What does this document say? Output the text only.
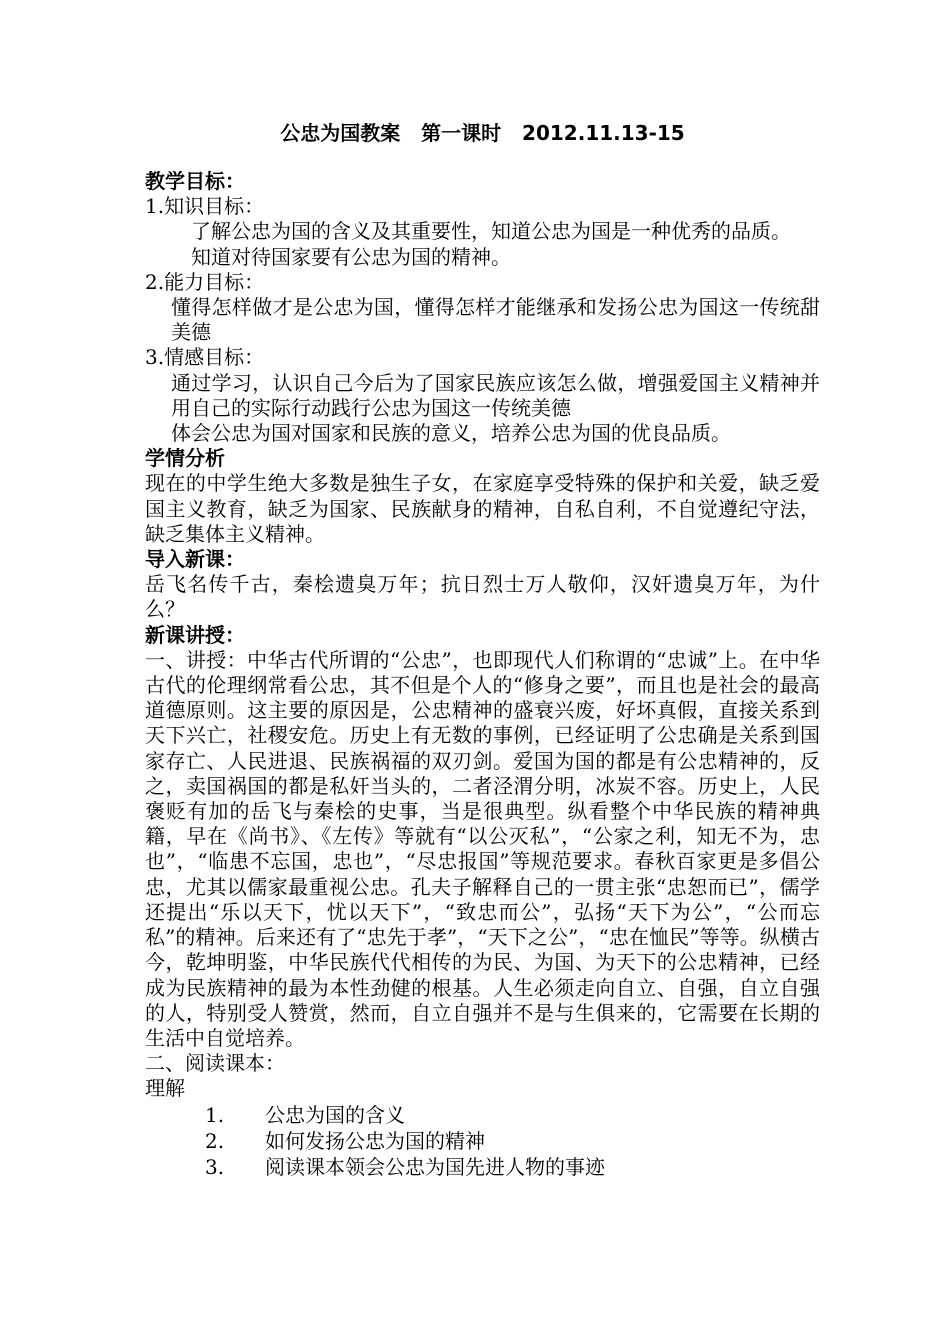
公忠为国教案   第一课时   2012.11.13-15
教学目标：
1.知识目标：
了解公忠为国的含义及其重要性，知道公忠为国是一种优秀的品质。
知道对待国家要有公忠为国的精神。
2.能力目标：
懂得怎样做才是公忠为国，懂得怎样才能继承和发扬公忠为国这一传统甜美德
3.情感目标：
通过学习，认识自己今后为了国家民族应该怎么做，增强爱国主义精神并用自己的实际行动践行公忠为国这一传统美德
体会公忠为国对国家和民族的意义，培养公忠为国的优良品质。
学情分析
现在的中学生绝大多数是独生子女，在家庭享受特殊的保护和关爱，缺乏爱国主义教育，缺乏为国家、民族献身的精神，自私自利，不自觉遵纪守法，缺乏集体主义精神。
导入新课：
岳飞名传千古，秦桧遗臭万年；抗日烈士万人敬仰，汉奸遗臭万年，为什么？
新课讲授：
一、讲授：中华古代所谓的“公忠”，也即现代人们称谓的“忠诚”上。在中华古代的伦理纲常看公忠，其不但是个人的“修身之要”，而且也是社会的最高道德原则。这主要的原因是，公忠精神的盛衰兴废，好坏真假，直接关系到天下兴亡，社稷安危。历史上有无数的事例，已经证明了公忠确是关系到国家存亡、人民进退、民族祸福的双刃剑。爱国为国的都是有公忠精神的，反之，卖国祸国的都是私奸当头的，二者泾渭分明，冰炭不容。历史上，人民褒贬有加的岳飞与秦桧的史事，当是很典型。纵看整个中华民族的精神典籍，早在《尚书》、《左传》等就有“以公灭私”，“公家之利，知无不为，忠也”，“临患不忘国，忠也”，“尽忠报国”等规范要求。春秋百家更是多倡公忠，尤其以儒家最重视公忠。孔夫子解释自己的一贯主张“忠恕而已”，儒学还提出“乐以天下，忧以天下”，“致忠而公”，弘扬“天下为公”，“公而忘私”的精神。后来还有了“忠先于孝”，“天下之公”，“忠在恤民”等等。纵横古今，乾坤明鉴，中华民族代代相传的为民、为国、为天下的公忠精神，已经成为民族精神的最为本性劲健的根基。人生必须走向自立、自强，自立自强的人，特别受人赞赏，然而，自立自强并不是与生俱来的，它需要在长期的生活中自觉培养。
二、阅读课本：
理解
1.	公忠为国的含义
2.	如何发扬公忠为国的精神
3.	阅读课本领会公忠为国先进人物的事迹
